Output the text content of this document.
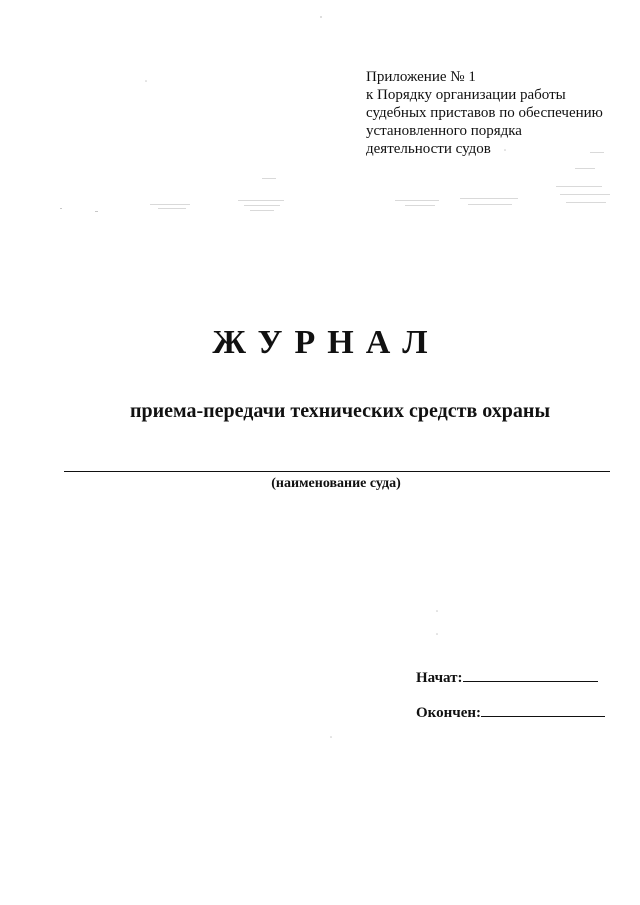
Приложение № 1
к Порядку организации работы
судебных приставов по обеспечению
установленного порядка
деятельности судов
ЖУРНАЛ
приема-передачи технических средств охраны
(наименование суда)
Начат:
Окончен:
